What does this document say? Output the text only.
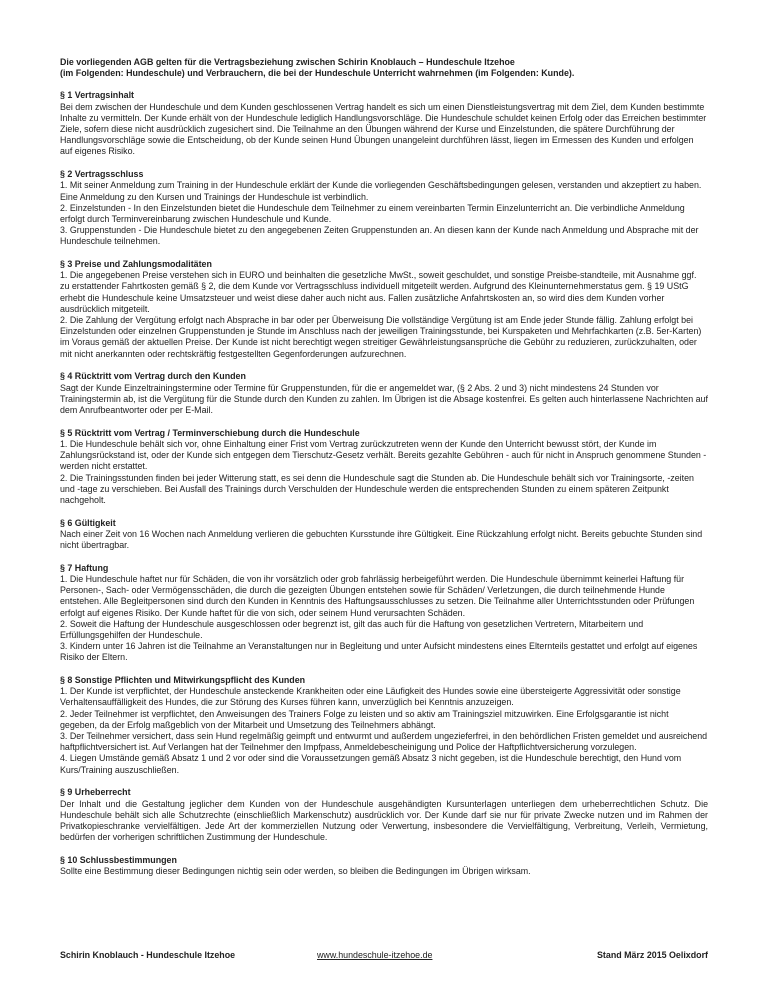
Die vorliegenden AGB gelten für die Vertragsbeziehung zwischen Schirin Knoblauch – Hundeschule Itzehoe

(im Folgenden: Hundeschule) und Verbrauchern, die bei der Hundeschule Unterricht wahrnehmen (im Folgenden: Kunde).

§ 1 Vertragsinhalt

Bei dem zwischen der Hundeschule und dem Kunden geschlossenen Vertrag handelt es sich um einen Dienstleistungsvertrag mit dem Ziel, dem Kunden bestimmte Inhalte zu vermitteln. Der Kunde erhält von der Hundeschule lediglich Handlungsvorschläge. Die Hundeschule schuldet keinen Erfolg oder das Erreichen bestimmter Ziele, sofern diese nicht ausdrücklich zugesichert sind. Die Teilnahme an den Übungen während der Kurse und Einzelstunden, die spätere Durchführung der Handlungsvorschläge sowie die Entscheidung, ob der Kunde seinen Hund Übungen unangeleint durchführen lässt, liegen im Ermessen des Kunden und erfolgen auf eigenes Risiko.

§ 2 Vertragsschluss

1. Mit seiner Anmeldung zum Training in der Hundeschule erklärt der Kunde die vorliegenden Geschäftsbedingungen gelesen, verstanden und akzeptiert zu haben. Eine Anmeldung zu den Kursen und Trainings der Hundeschule ist verbindlich.

2. Einzelstunden - In den Einzelstunden bietet die Hundeschule dem Teilnehmer zu einem vereinbarten Termin Einzelunterricht an. Die verbindliche Anmeldung erfolgt durch Terminvereinbarung zwischen Hundeschule und Kunde.

3. Gruppenstunden - Die Hundeschule bietet zu den angegebenen Zeiten Gruppenstunden an. An diesen kann der Kunde nach Anmeldung und Absprache mit der Hundeschule teilnehmen.

§ 3 Preise und Zahlungsmodalitäten

1. Die angegebenen Preise verstehen sich in EURO und beinhalten die gesetzliche MwSt., soweit geschuldet, und sonstige Preisbe-standteile, mit Ausnahme ggf. zu erstattender Fahrtkosten gemäß § 2, die dem Kunde vor Vertragsschluss individuell mitgeteilt werden. Aufgrund des Kleinunternehmerstatus gem. § 19 UStG erhebt die Hundeschule keine Umsatzsteuer und weist diese daher auch nicht aus. Fallen zusätzliche Anfahrtskosten an, so wird dies dem Kunden vorher ausdrücklich mitgeteilt.

2. Die Zahlung der Vergütung erfolgt nach Absprache in bar oder per Überweisung Die vollständige Vergütung ist am Ende jeder Stunde fällig. Zahlung erfolgt bei Einzelstunden oder einzelnen Gruppenstunden je Stunde im Anschluss nach der jeweiligen Trainingsstunde, bei Kurspaketen und Mehrfachkarten (z.B. 5er-Karten) im Voraus gemäß der aktuellen Preise. Der Kunde ist nicht berechtigt wegen streitiger Gewährleistungsansprüche die Gebühr zu reduzieren, zurückzuhalten, oder mit nicht anerkannten oder rechtskräftig festgestellten Gegenforderungen aufzurechnen.

§ 4 Rücktritt vom Vertrag durch den Kunden

Sagt der Kunde Einzeltrainingstermine oder Termine für Gruppenstunden, für die er angemeldet war, (§ 2 Abs. 2 und 3) nicht mindestens 24 Stunden vor Trainingstermin ab, ist die Vergütung für die Stunde durch den Kunden zu zahlen. Im Übrigen ist die Absage kostenfrei. Es gelten auch hinterlassene Nachrichten auf dem Anrufbeantworter oder per E-Mail.

§ 5 Rücktritt vom Vertrag / Terminverschiebung durch die Hundeschule

1. Die Hundeschule behält sich vor, ohne Einhaltung einer Frist vom Vertrag zurückzutreten wenn der Kunde den Unterricht bewusst stört, der Kunde im Zahlungsrückstand ist, oder der Kunde sich entgegen dem Tierschutz-Gesetz verhält. Bereits gezahlte Gebühren - auch für nicht in Anspruch genommene Stunden - werden nicht erstattet.

2. Die Trainingsstunden finden bei jeder Witterung statt, es sei denn die Hundeschule sagt die Stunden ab. Die Hundeschule behält sich vor Trainingsorte, -zeiten und -tage zu verschieben. Bei Ausfall des Trainings durch Verschulden der Hundeschule werden die entsprechenden Stunden zu einem späteren Zeitpunkt nachgeholt.

§ 6 Gültigkeit

Nach einer Zeit von 16 Wochen nach Anmeldung verlieren die gebuchten Kursstunde ihre Gültigkeit. Eine Rückzahlung erfolgt nicht. Bereits gebuchte Stunden sind nicht übertragbar.

§ 7 Haftung

1. Die Hundeschule haftet nur für Schäden, die von ihr vorsätzlich oder grob fahrlässig herbeigeführt werden. Die Hundeschule übernimmt keinerlei Haftung für Personen-, Sach- oder Vermögensschäden, die durch die gezeigten Übungen entstehen sowie für Schäden/ Verletzungen, die durch teilnehmende Hunde entstehen. Alle Begleitpersonen sind durch den Kunden in Kenntnis des Haftungsausschlusses zu setzen. Die Teilnahme aller Unterrichtsstunden oder Prüfungen erfolgt auf eigenes Risiko. Der Kunde haftet für die von sich, oder seinem Hund verursachten Schäden.

2. Soweit die Haftung der Hundeschule ausgeschlossen oder begrenzt ist, gilt das auch für die Haftung von gesetzlichen Vertretern, Mitarbeitern und Erfüllungsgehilfen der Hundeschule.

3. Kindern unter 16 Jahren ist die Teilnahme an Veranstaltungen nur in Begleitung und unter Aufsicht mindestens eines Elternteils gestattet und erfolgt auf eigenes Risiko der Eltern.

§ 8 Sonstige Pflichten und Mitwirkungspflicht des Kunden

1. Der Kunde ist verpflichtet, der Hundeschule ansteckende Krankheiten oder eine Läufigkeit des Hundes sowie eine übersteigerte Aggressivität oder sonstige Verhaltensauffälligkeit des Hundes, die zur Störung des Kurses führen kann, unverzüglich bei Kenntnis anzuzeigen.

2. Jeder Teilnehmer ist verpflichtet, den Anweisungen des Trainers Folge zu leisten und so aktiv am Trainingsziel mitzuwirken. Eine Erfolgsgarantie ist nicht gegeben, da der Erfolg maßgeblich von der Mitarbeit und Umsetzung des Teilnehmers abhängt.

3. Der Teilnehmer versichert, dass sein Hund regelmäßig geimpft und entwurmt und außerdem ungezieferfrei, in den behördlichen Fristen gemeldet und ausreichend haftpflichtversichert ist. Auf Verlangen hat der Teilnehmer den Impfpass, Anmeldebescheinigung und Police der Haftpflichtversicherung vorzulegen.

4. Liegen Umstände gemäß Absatz 1 und 2 vor oder sind die Voraussetzungen gemäß Absatz 3 nicht gegeben, ist die Hundeschule berechtigt, den Hund vom Kurs/Training auszuschließen.

§ 9 Urheberrecht

Der Inhalt und die Gestaltung jeglicher dem Kunden von der Hundeschule ausgehändigten Kursunterlagen unterliegen dem urheberrechtlichen Schutz. Die Hundeschule behält sich alle Schutzrechte (einschließlich Markenschutz) ausdrücklich vor. Der Kunde darf sie nur für private Zwecke nutzen und im Rahmen der Privatkopieschranke vervielfältigen. Jede Art der kommerziellen Nutzung oder Verwertung, insbesondere die Vervielfältigung, Verbreitung, Verleih, Vermietung, bedürfen der vorherigen schriftlichen Zustimmung der Hundeschule.

§ 10 Schlussbestimmungen

Sollte eine Bestimmung dieser Bedingungen nichtig sein oder werden, so bleiben die Bedingungen im Übrigen wirksam.

Schirin Knoblauch - Hundeschule Itzehoe	www.hundeschule-itzehoe.de	Stand März 2015 Oelixdorf
